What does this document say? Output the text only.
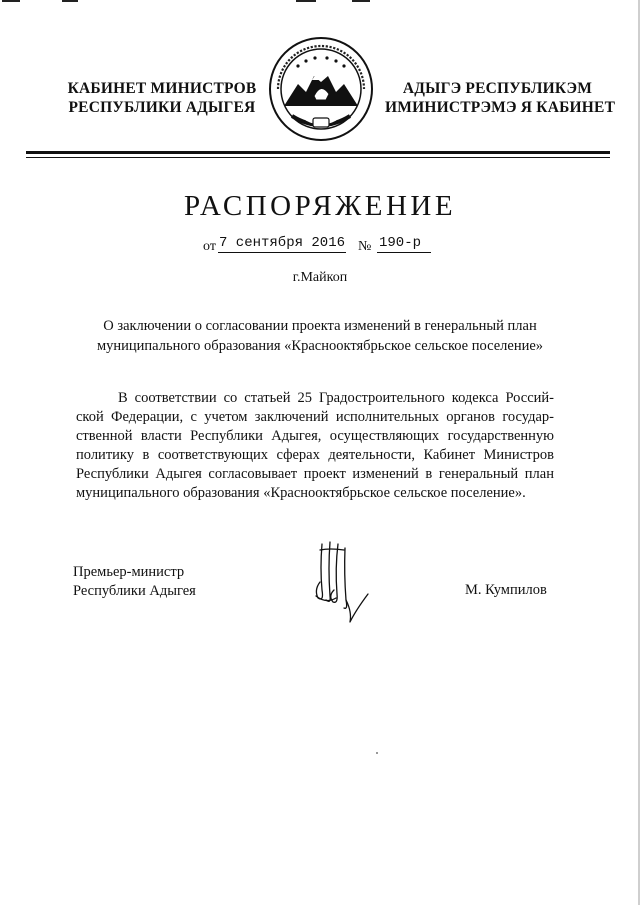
КАБИНЕТ МИНИСТРОВ
РЕСПУБЛИКИ АДЫГЕЯ
АДЫГЭ РЕСПУБЛИКЭМ
ИМИНИСТРЭМЭ Я КАБИНЕТ
РАСПОРЯЖЕНИЕ
от 7 сентября 2016 № 190-р
г.Майкоп
О заключении о согласовании проекта изменений в генеральный план
муниципального образования «Краснооктябрьское сельское поселение»
В соответствии со статьей 25 Градостроительного кодекса Россий-
ской Федерации, с учетом заключений исполнительных органов государ-
ственной власти Республики Адыгея, осуществляющих государственную
политику в соответствующих сферах деятельности, Кабинет Министров
Республики Адыгея согласовывает проект изменений в генеральный план
муниципального образования «Краснооктябрьское сельское поселение».
Премьер-министр
Республики Адыгея	М. Кумпилов
